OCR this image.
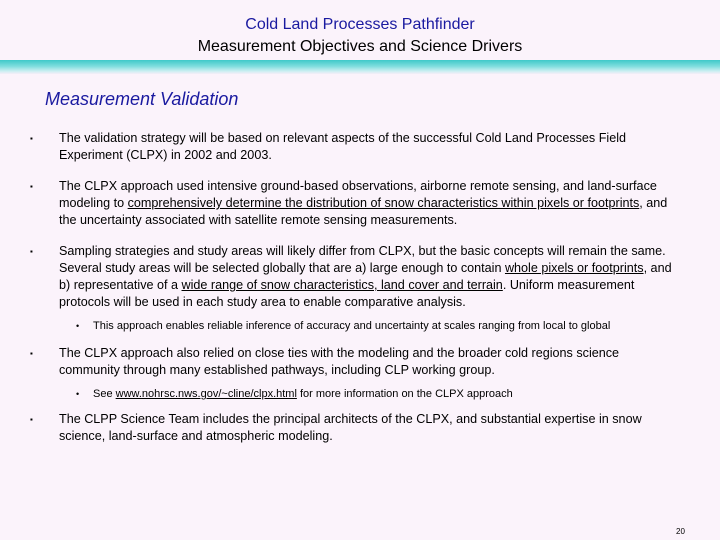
Cold Land Processes Pathfinder
Measurement Objectives and Science Drivers
Measurement Validation
▪ The validation strategy will be based on relevant aspects of the successful Cold Land Processes Field Experiment (CLPX) in 2002 and 2003.
▪ The CLPX approach used intensive ground-based observations, airborne remote sensing, and land-surface modeling to comprehensively determine the distribution of snow characteristics within pixels or footprints, and the uncertainty associated with satellite remote sensing measurements.
▪ Sampling strategies and study areas will likely differ from CLPX, but the basic concepts will remain the same. Several study areas will be selected globally that are a) large enough to contain whole pixels or footprints, and b) representative of a wide range of snow characteristics, land cover and terrain. Uniform measurement protocols will be used in each study area to enable comparative analysis.
• This approach enables reliable inference of accuracy and uncertainty at scales ranging from local to global
▪ The CLPX approach also relied on close ties with the modeling and the broader cold regions science community through many established pathways, including CLP working group.
• See www.nohrsc.nws.gov/~cline/clpx.html for more information on the CLPX approach
▪ The CLPP Science Team includes the principal architects of the CLPX, and substantial expertise in snow science, land-surface and atmospheric modeling.
20
